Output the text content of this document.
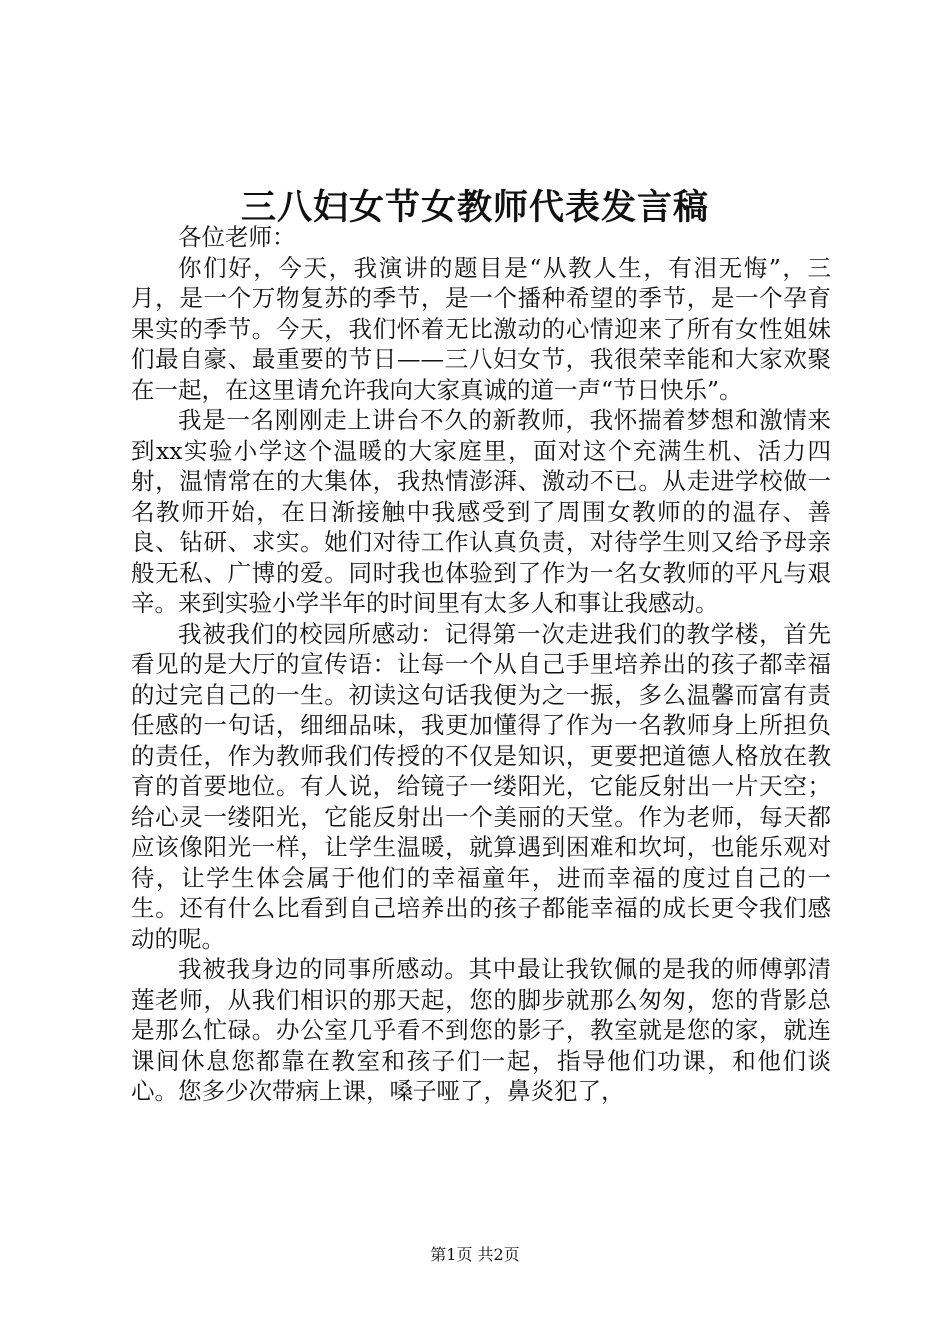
三八妇女节女教师代表发言稿

各位老师：

你们好，今天，我演讲的题目是“从教人生，有泪无悔”，三月，是一个万物复苏的季节，是一个播种希望的季节，是一个孕育果实的季节。今天，我们怀着无比激动的心情迎来了所有女性姐妹们最自豪、最重要的节日——三八妇女节，我很荣幸能和大家欢聚在一起，在这里请允许我向大家真诚的道一声“节日快乐”。

我是一名刚刚走上讲台不久的新教师，我怀揣着梦想和激情来到xx实验小学这个温暖的大家庭里，面对这个充满生机、活力四射，温情常在的大集体，我热情澎湃、激动不已。从走进学校做一名教师开始，在日渐接触中我感受到了周围女教师的的温存、善良、钻研、求实。她们对待工作认真负责，对待学生则又给予母亲般无私、广博的爱。同时我也体验到了作为一名女教师的平凡与艰辛。来到实验小学半年的时间里有太多人和事让我感动。

我被我们的校园所感动：记得第一次走进我们的教学楼，首先看见的是大厅的宣传语：让每一个从自己手里培养出的孩子都幸福的过完自己的一生。初读这句话我便为之一振，多么温馨而富有责任感的一句话，细细品味，我更加懂得了作为一名教师身上所担负的责任，作为教师我们传授的不仅是知识，更要把道德人格放在教育的首要地位。有人说，给镜子一缕阳光，它能反射出一片天空；给心灵一缕阳光，它能反射出一个美丽的天堂。作为老师，每天都应该像阳光一样，让学生温暖，就算遇到困难和坎坷，也能乐观对待，让学生体会属于他们的幸福童年，进而幸福的度过自己的一生。还有什么比看到自己培养出的孩子都能幸福的成长更令我们感动的呢。

我被我身边的同事所感动。其中最让我钦佩的是我的师傅郭清莲老师，从我们相识的那天起，您的脚步就那么匆匆，您的背影总是那么忙碌。办公室几乎看不到您的影子，教室就是您的家，就连课间休息您都靠在教室和孩子们一起，指导他们功课，和他们谈心。您多少次带病上课，嗓子哑了，鼻炎犯了，

第1页 共2页
